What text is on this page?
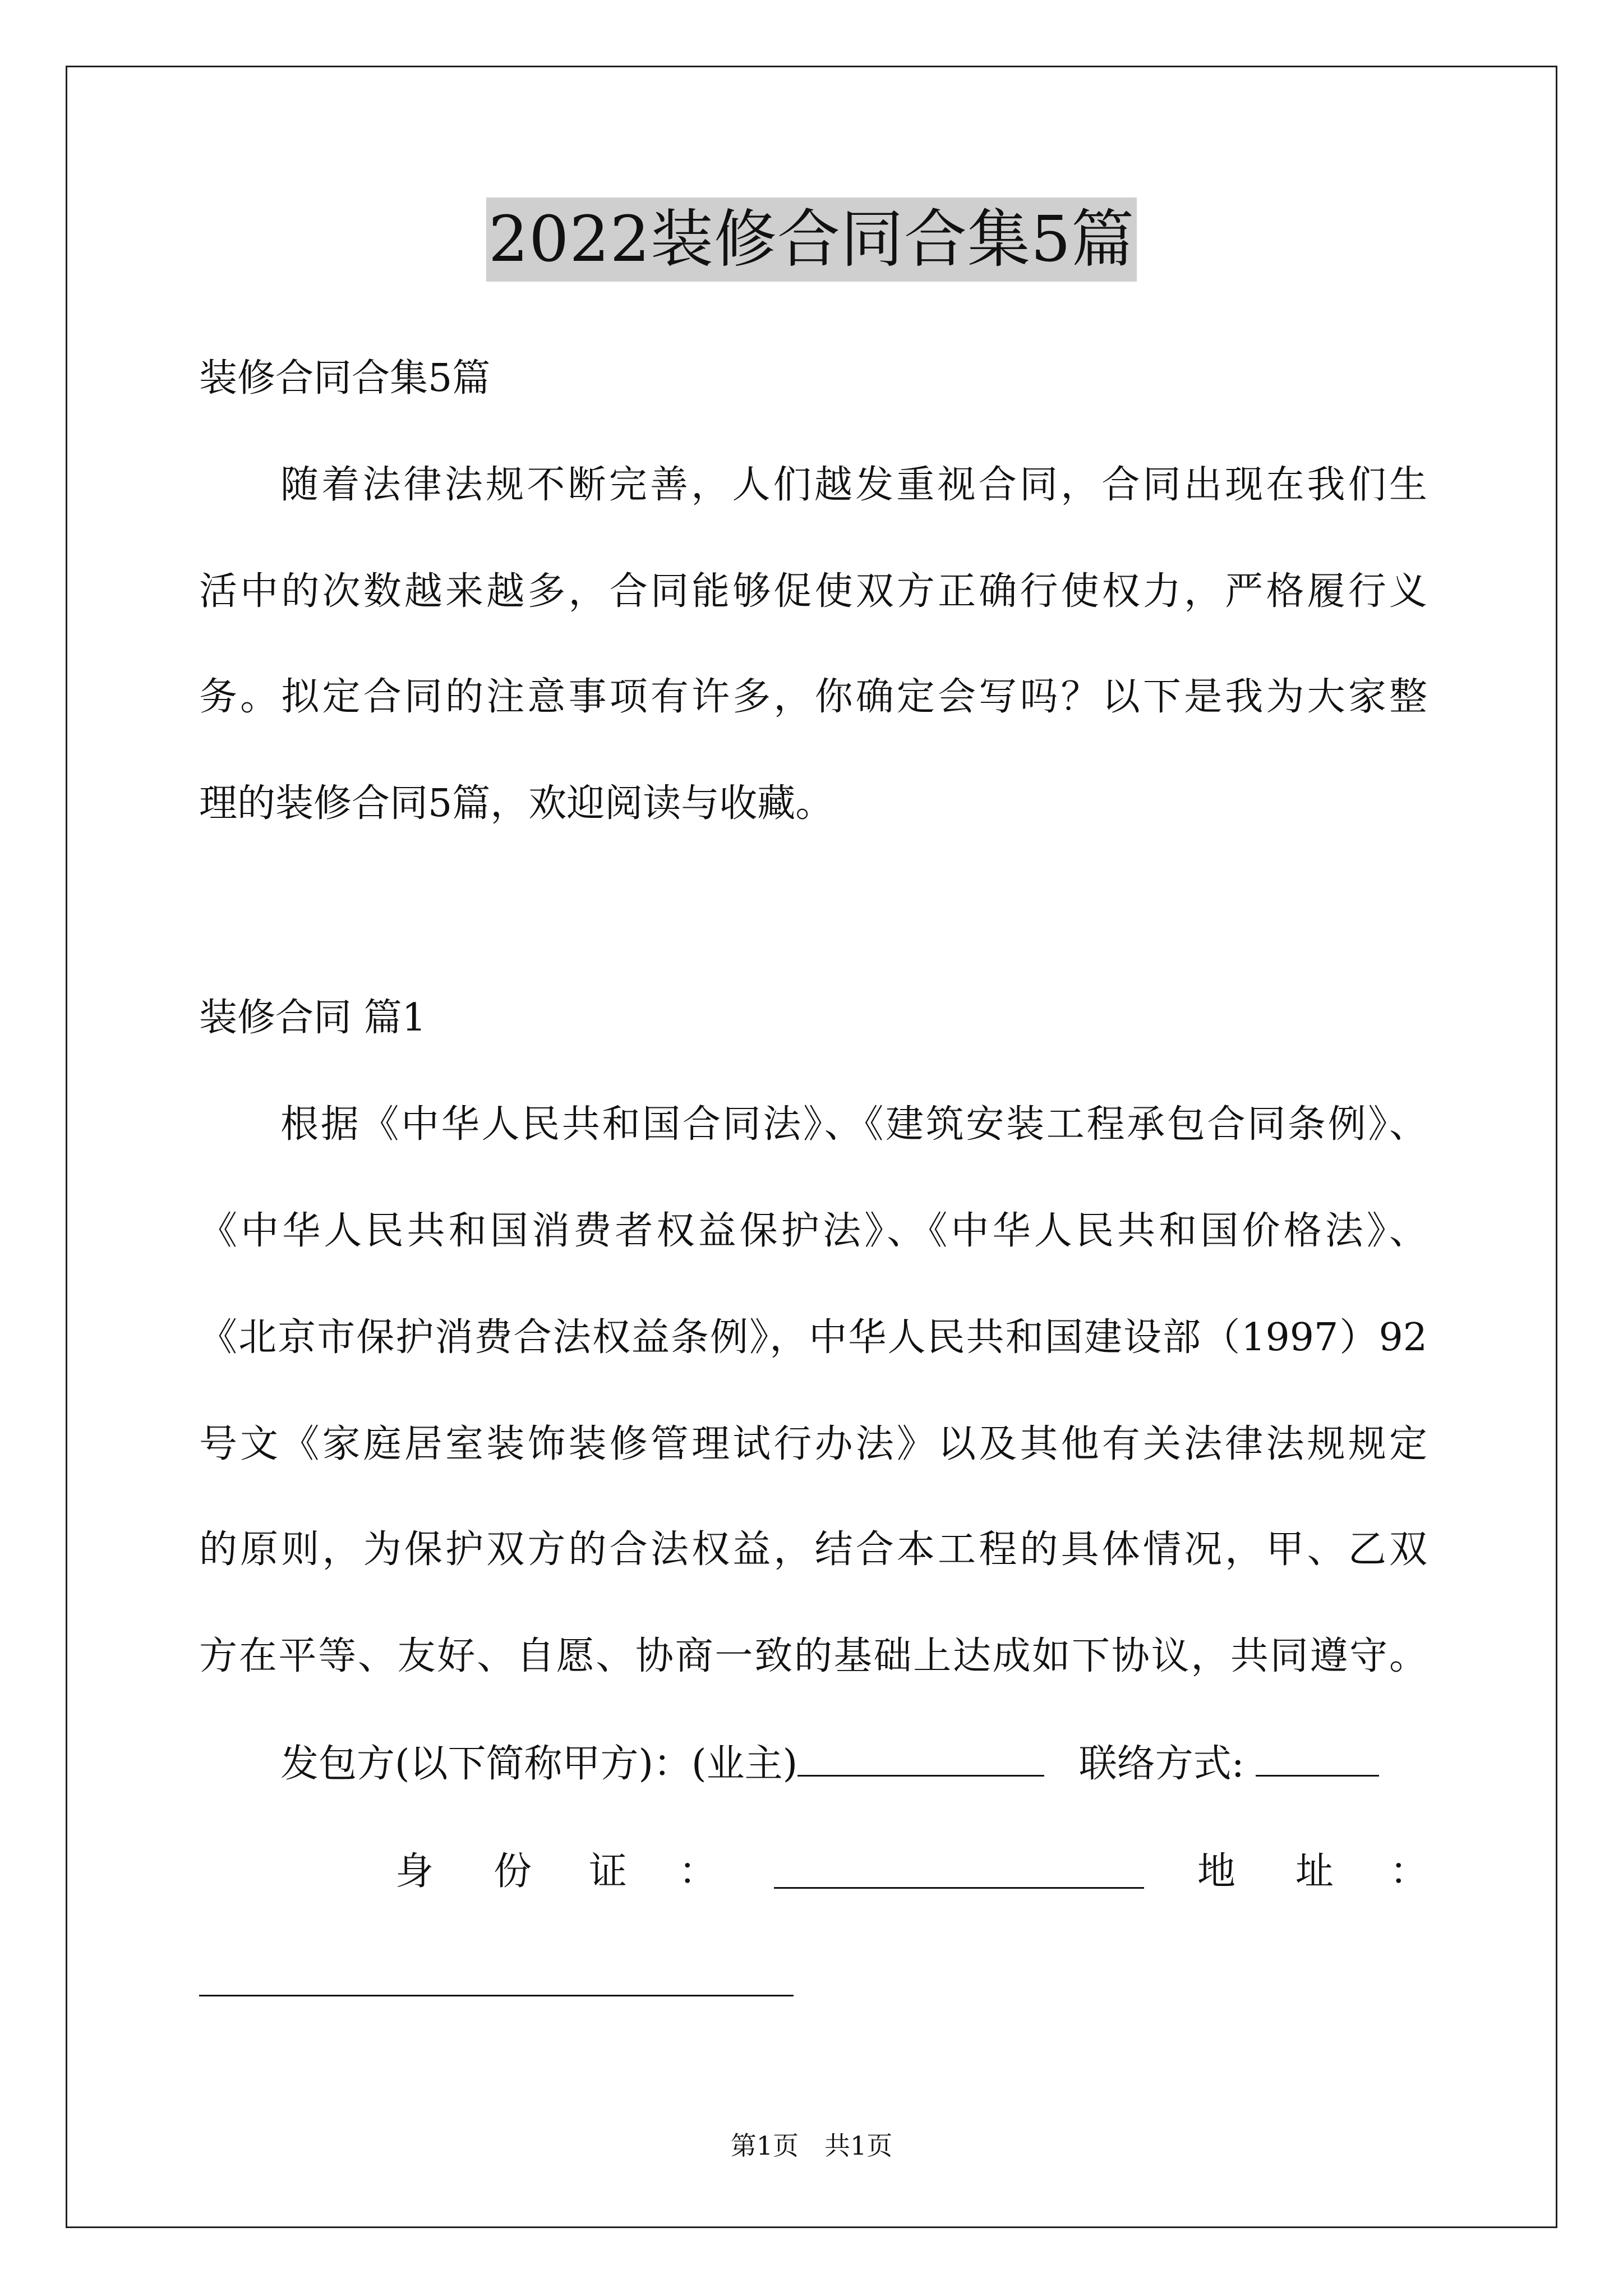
2022装修合同合集5篇
装修合同合集5篇
随着法律法规不断完善，人们越发重视合同，合同出现在我们生
活中的次数越来越多，合同能够促使双方正确行使权力，严格履行义
务。拟定合同的注意事项有许多，你确定会写吗？以下是我为大家整
理的装修合同5篇，欢迎阅读与收藏。
装修合同 篇1
根据《中华人民共和国合同法》、《建筑安装工程承包合同条例》、
《中华人民共和国消费者权益保护法》、《中华人民共和国价格法》、
《北京市保护消费合法权益条例》，中华人民共和国建设部（1997）92
号文《家庭居室装饰装修管理试行办法》以及其他有关法律法规规定
的原则，为保护双方的合法权益，结合本工程的具体情况，甲、乙双
方在平等、友好、自愿、协商一致的基础上达成如下协议，共同遵守。
发包方(以下简称甲方)：(业主)	联络方式:
身 份 证 ：	地 址 ：
第1页　共1页
